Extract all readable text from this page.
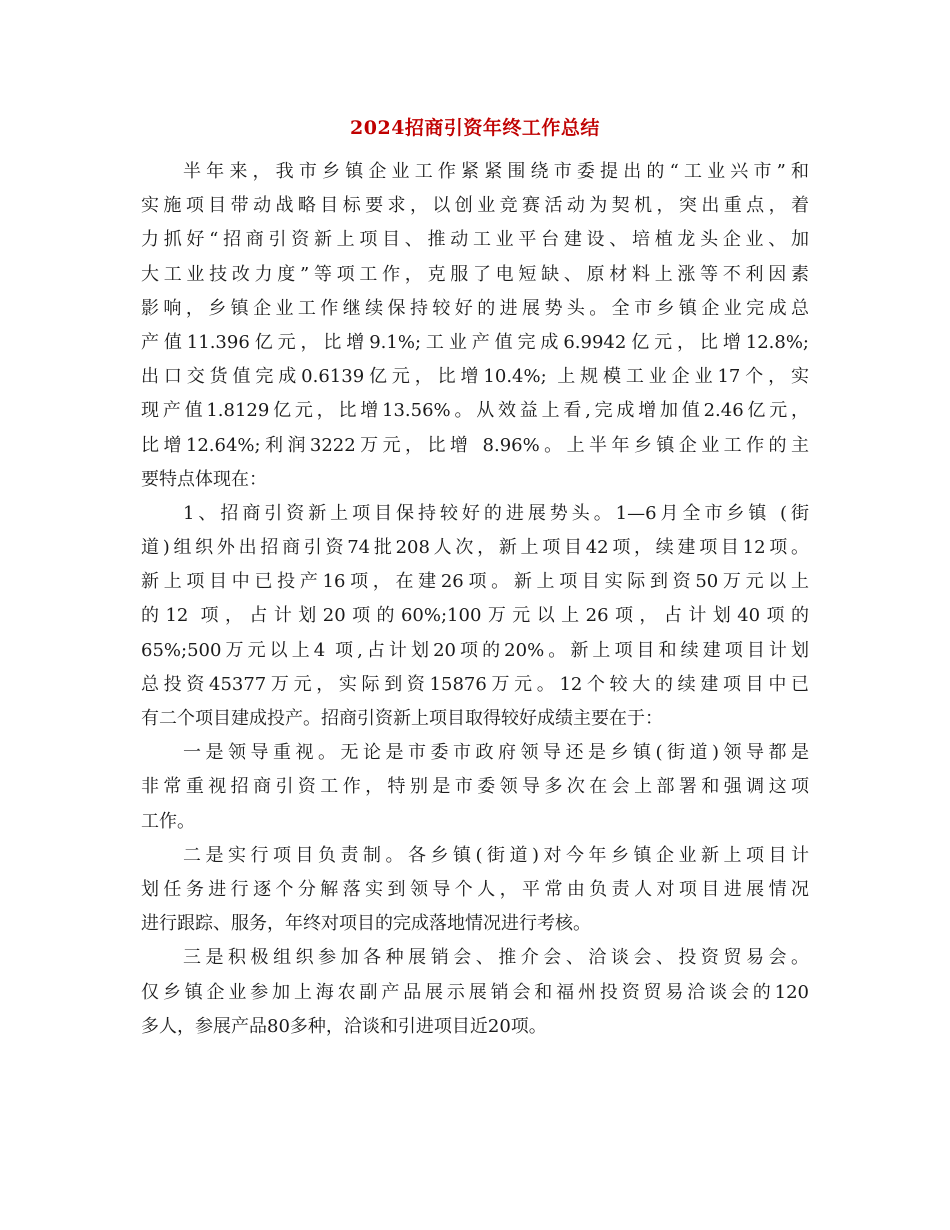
2024招商引资年终工作总结
半年来，我市乡镇企业工作紧紧围绕市委提出的“工业兴市”和
实施项目带动战略目标要求，以创业竞赛活动为契机，突出重点，着
力抓好“招商引资新上项目、推动工业平台建设、培植龙头企业、加
大工业技改力度”等项工作，克服了电短缺、原材料上涨等不利因素
影响，乡镇企业工作继续保持较好的进展势头。全市乡镇企业完成总
产值11.396亿元，比增9.1%;工业产值完成6.9942亿元，比增12.8%;
出口交货值完成0.6139亿元，比增10.4%; 上规模工业企业17个，实
现产值1.8129亿元，比增13.56%。从效益上看,完成增加值2.46亿元，
比增12.64%;利润3222万元，比增 8.96%。上半年乡镇企业工作的主
要特点体现在：
1、招商引资新上项目保持较好的进展势头。1—6月全市乡镇 (街
道)组织外出招商引资74批208人次，新上项目42项，续建项目12项。
新上项目中已投产16项，在建26项。新上项目实际到资50万元以上
的12 项，占计划20项的60%;100万元以上26项，占计划40项的
65%;500万元以上4 项,占计划20项的20%。新上项目和续建项目计划
总投资45377万元，实际到资15876万元。12个较大的续建项目中已
有二个项目建成投产。招商引资新上项目取得较好成绩主要在于：
一是领导重视。无论是市委市政府领导还是乡镇(街道)领导都是
非常重视招商引资工作，特别是市委领导多次在会上部署和强调这项
工作。
二是实行项目负责制。各乡镇(街道)对今年乡镇企业新上项目计
划任务进行逐个分解落实到领导个人，平常由负责人对项目进展情况
进行跟踪、服务，年终对项目的完成落地情况进行考核。
三是积极组织参加各种展销会、推介会、洽谈会、投资贸易会。
仅乡镇企业参加上海农副产品展示展销会和福州投资贸易洽谈会的120
多人，参展产品80多种，洽谈和引进项目近20项。
